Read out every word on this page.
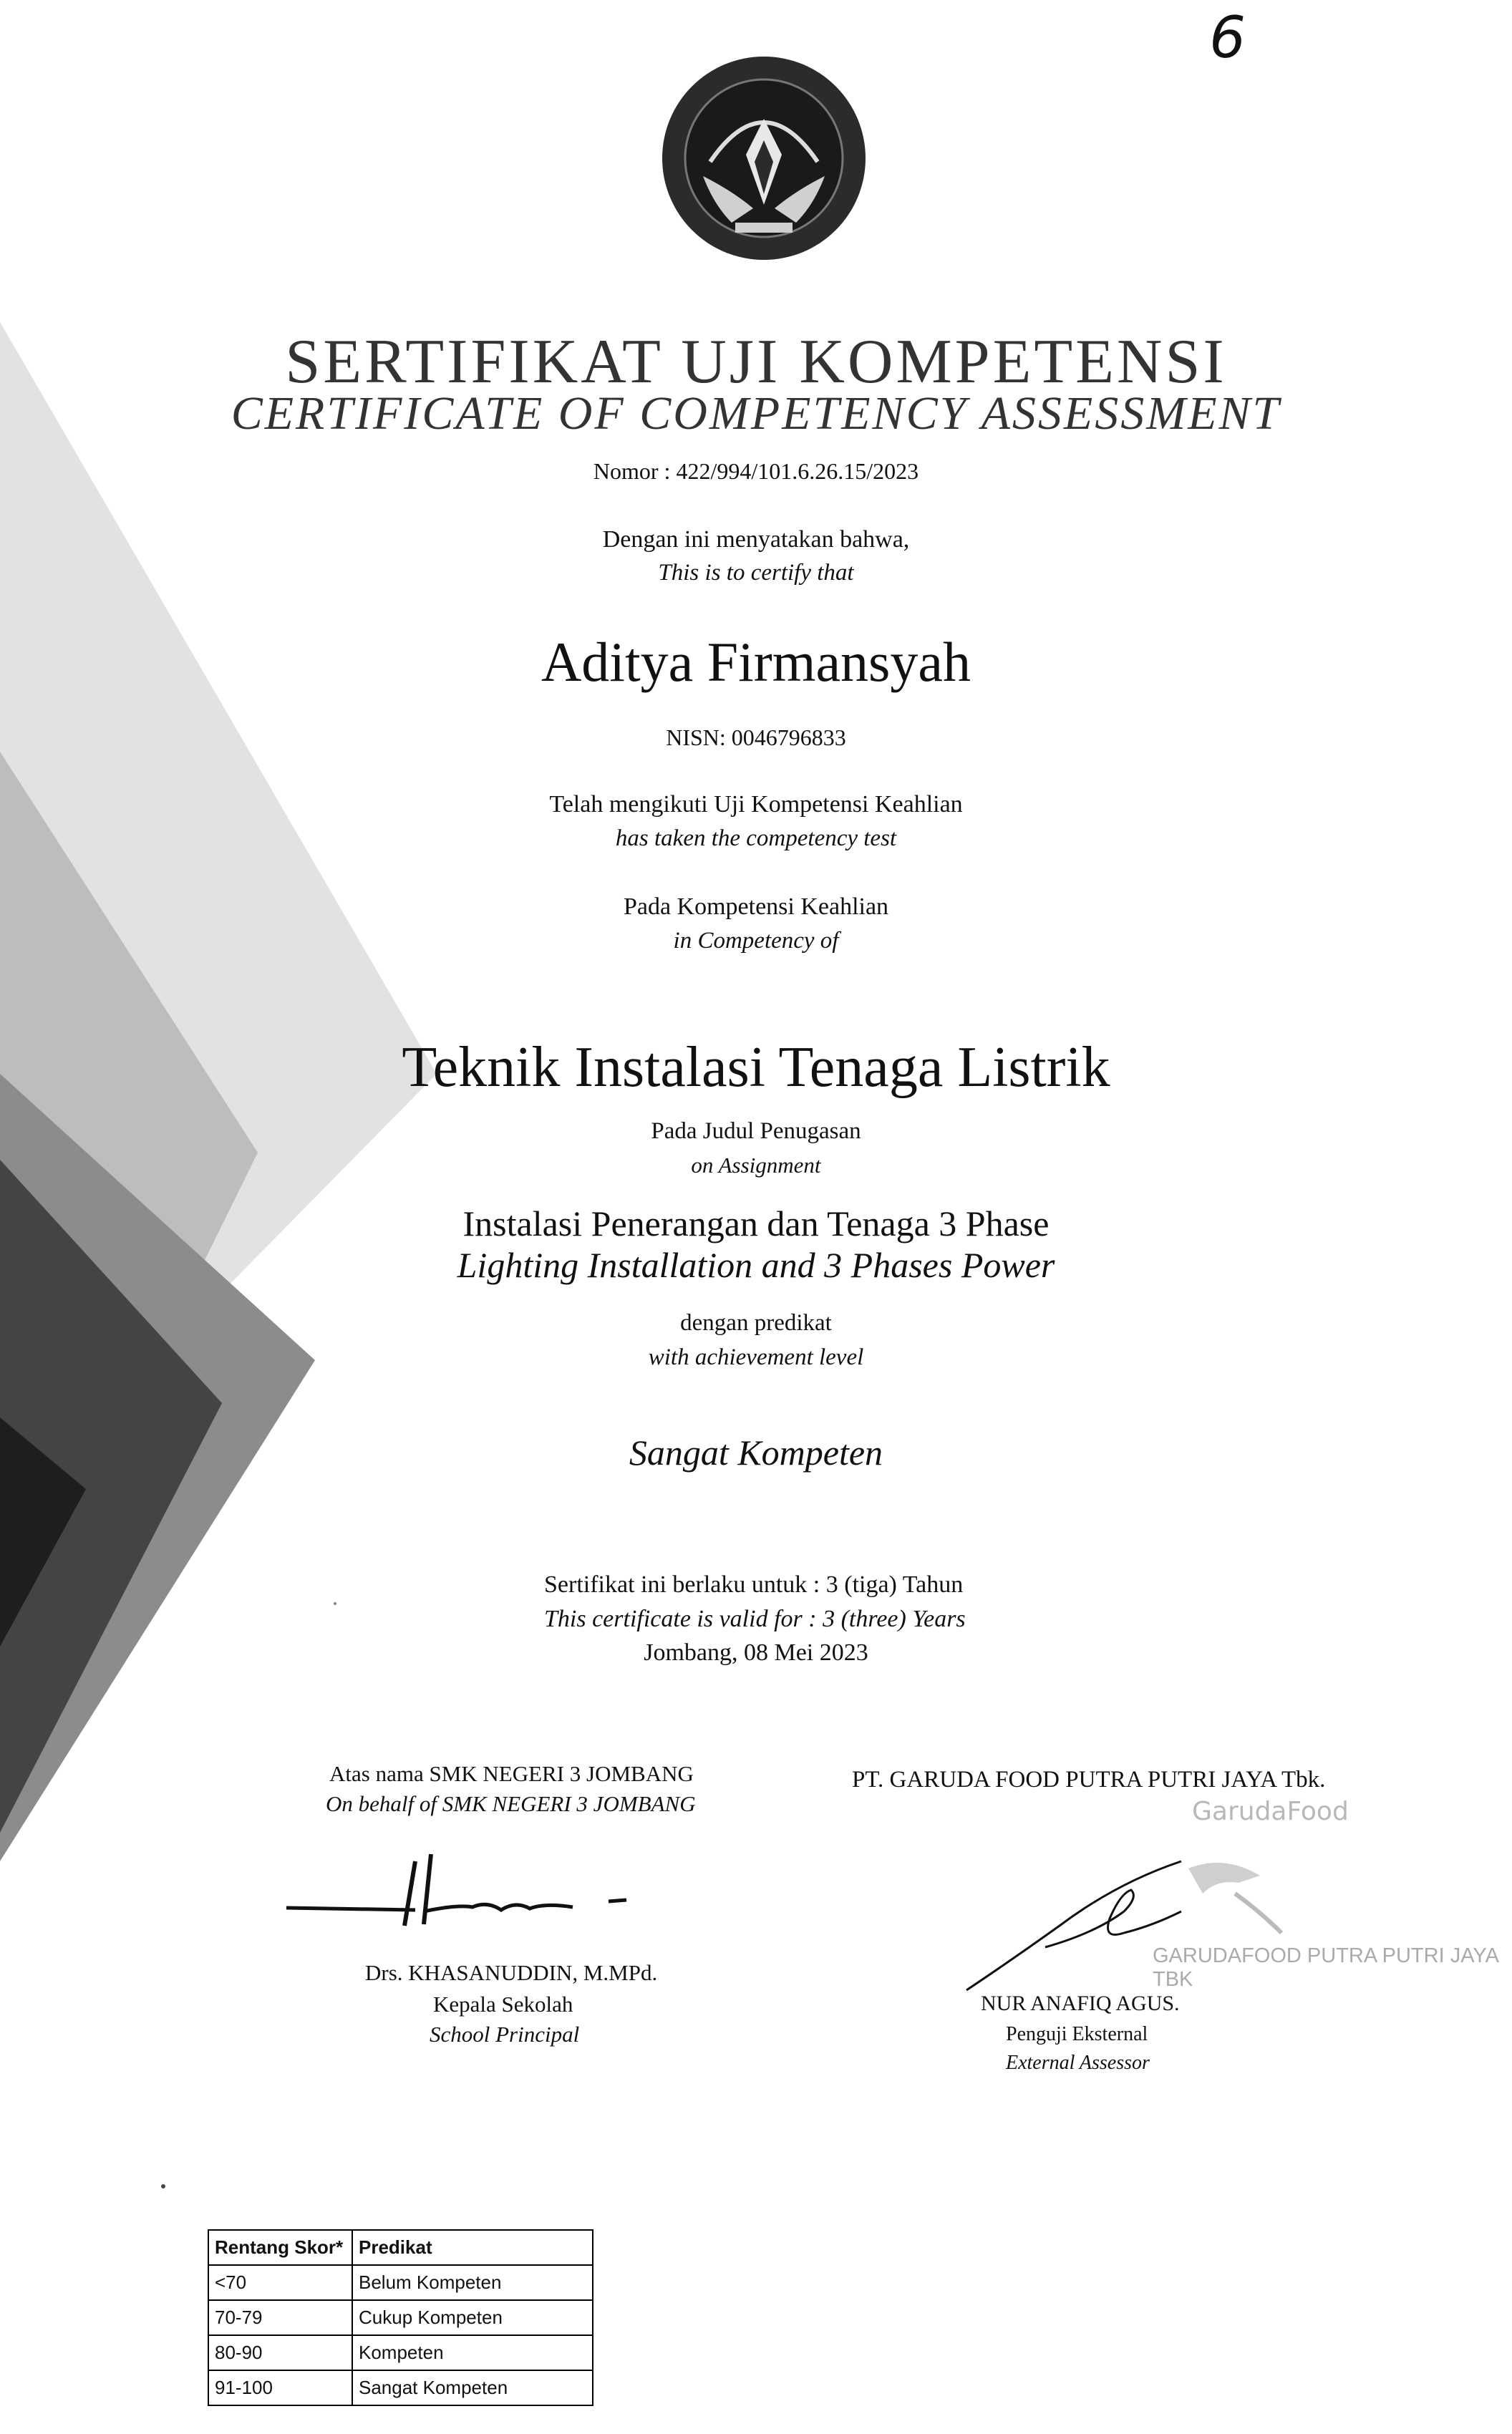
6
SERTIFIKAT UJI KOMPETENSI
CERTIFICATE OF COMPETENCY ASSESSMENT
Nomor : 422/994/101.6.26.15/2023
Dengan ini menyatakan bahwa,
This is to certify that
Aditya Firmansyah
NISN: 0046796833
Telah mengikuti Uji Kompetensi Keahlian
has taken the competency test
Pada Kompetensi Keahlian
in Competency of
Teknik Instalasi Tenaga Listrik
Pada Judul Penugasan
on Assignment
Instalasi Penerangan dan Tenaga 3 Phase
Lighting Installation and 3 Phases Power
dengan predikat
with achievement level
Sangat Kompeten
Sertifikat ini berlaku untuk : 3 (tiga) Tahun
This certificate is valid for : 3 (three) Years
Jombang, 08 Mei 2023
Atas nama SMK NEGERI 3 JOMBANG
On behalf of SMK NEGERI 3 JOMBANG
Drs. KHASANUDDIN, M.MPd.
Kepala Sekolah
School Principal
PT. GARUDA FOOD PUTRA PUTRI JAYA Tbk.
GarudaFood
GARUDAFOOD PUTRA PUTRI JAYA TBK
NUR ANAFIQ AGUS.
Penguji Eksternal
External Assessor
Rentang Skor*	Predikat
<70	Belum Kompeten
70-79	Cukup Kompeten
80-90	Kompeten
91-100	Sangat Kompeten
